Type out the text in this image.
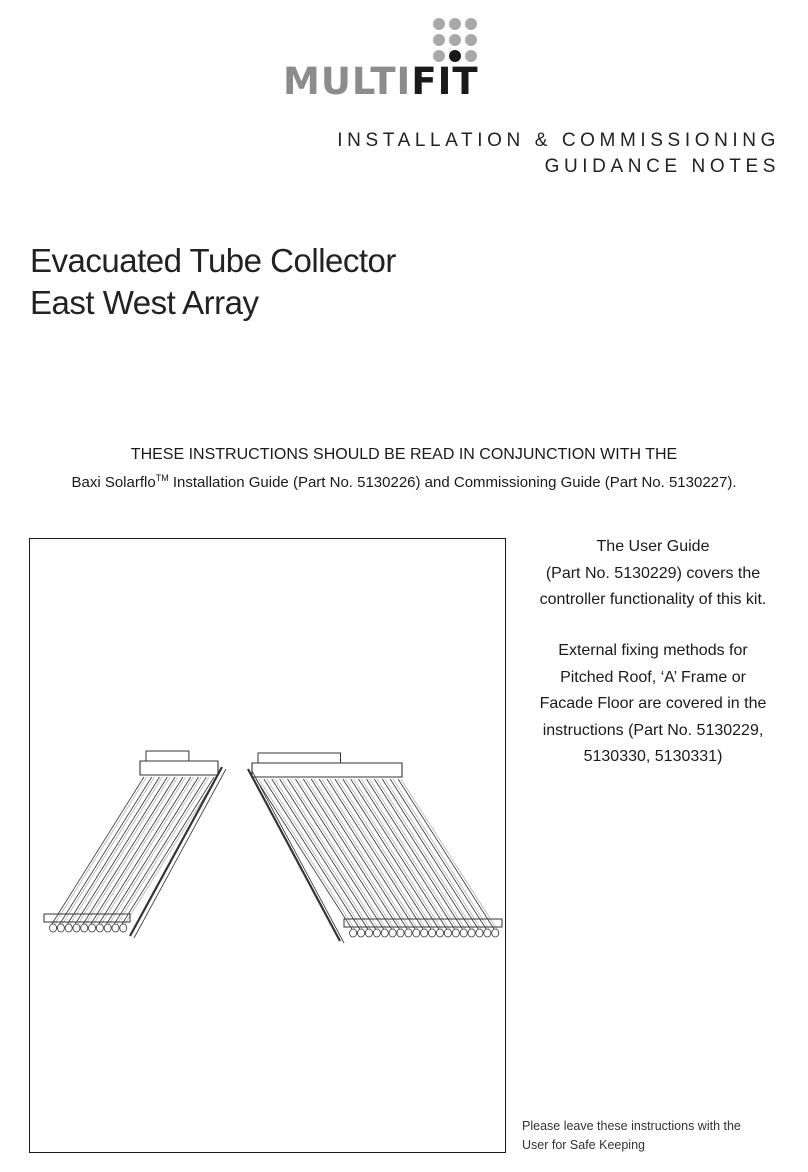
MULTIFIT
INSTALLATION & COMMISSIONING
GUIDANCE NOTES
Evacuated Tube Collector
East West Array
THESE INSTRUCTIONS SHOULD BE READ IN CONJUNCTION WITH THE
Baxi Solarflo™ Installation Guide (Part No. 5130226) and Commissioning Guide (Part No. 5130227).

The User Guide

(Part No. 5130229) covers the

controller functionality of this kit.

External fixing methods for

Pitched Roof, ‘A’ Frame or

Facade Floor are covered in the

instructions (Part No. 5130229,

5130330, 5130331)

Please leave these instructions with the

User for Safe Keeping
